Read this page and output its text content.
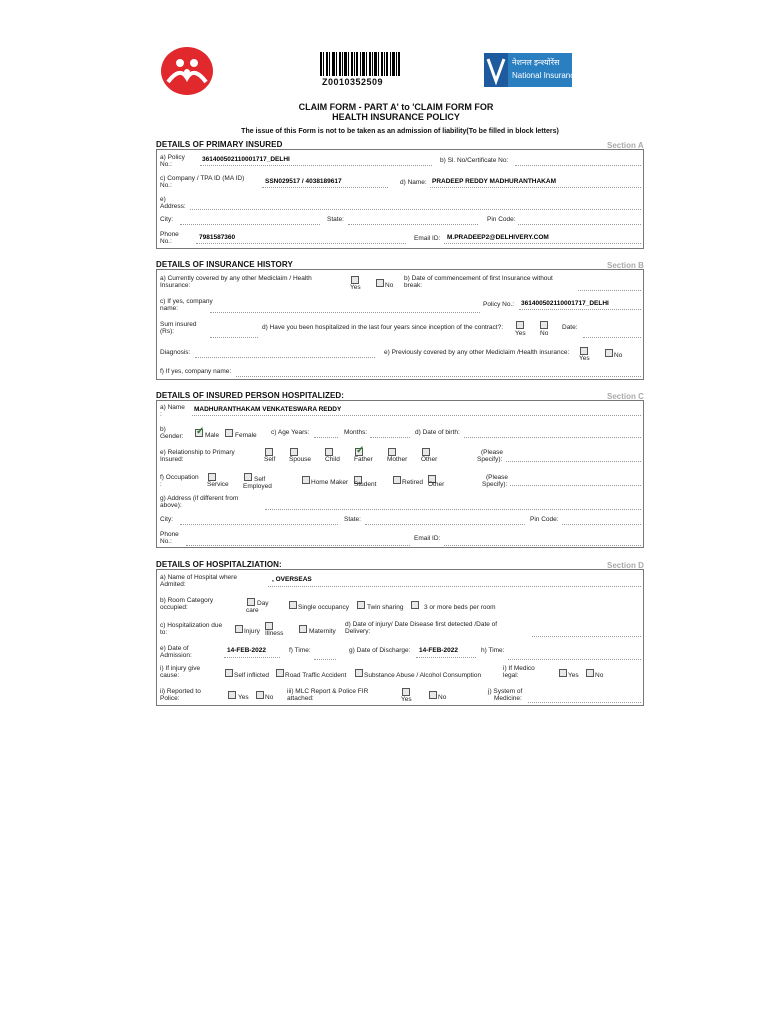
Z0010352509
नेशनल इन्श्योरेंस
National Insurance
CLAIM FORM - PART A' to 'CLAIM FORM FOR
HEALTH INSURANCE POLICY
The issue of this Form is not to be taken as an admission of liability(To be filled in block letters)
DETAILS OF PRIMARY INSURED	Section A
a) Policy
No.:
361400502110001717_DELHI	b) Sl. No/Certificate No:
c) Company / TPA ID (MA ID)
No.:
SSN029517 / 4038189617	d) Name: PRADEEP REDDY MADHURANTHAKAM
e)
Address:
City:	State:	Pin Code:
Phone
No.:
7981587360	Email ID: M.PRADEEP2@DELHIVERY.COM
DETAILS OF INSURANCE HISTORY	Section B
a) Currently covered by any other Mediclaim / Health
Insurance:	Yes	No
b) Date of commencement of first Insurance without
break:
c) If yes, company
name:
Policy No.: 361400502110001717_DELHI
Sum insured
(Rs):
d) Have you been hospitalized in the last four years since inception of the contract?:
Yes No
Date:
Diagnosis:	e) Previously covered by any other Mediclaim /Health insurance:
Yes	No
f) If yes, company name:
DETAILS OF INSURED PERSON HOSPITALIZED:	Section C
a) Name
:
MADHURANTHAKAM VENKATESWARA REDDY
b)
Gender:
✓	Male Female c) Age Years:	Months:	d) Date of birth:
e) Relationship to Primary
Insured:	Self Spouse Child
✓ Father Mother Other
(Please
Specify):
f) Occupation
:	Service
Self
Employed
Home Maker Student	Retired Other
(Please
Specify):
g) Address (if different from
above):
City:	State:	Pin Code:
Phone
No.:	Email ID:
DETAILS OF HOSPITALZIATION:	Section D
a) Name of Hospital where
Admited:
, OVERSEAS
b) Room Category
occupied:
Day
care	Single occupancy	Twin sharing	3 or more beds per room
c) Hospitalization due
to:	Injury Illness	Maternity
d) Date of injury/ Date Disease first detected /Date of
Delivery:
e) Date of
Admission:
14-FEB-2022	f) Time:	g) Date of Discharge: 14-FEB-2022	h) Time:
i) If injury give
cause:	Self inflicted Road Traffic Accident	Substance Abuse / Alcohol Consumption
i) If Medico
legal:	Yes	No
ii) Reported to
Police:	Yes	No
iii) MLC Report & Police FIR
attached:	Yes	No
j) System of
Medicine:
